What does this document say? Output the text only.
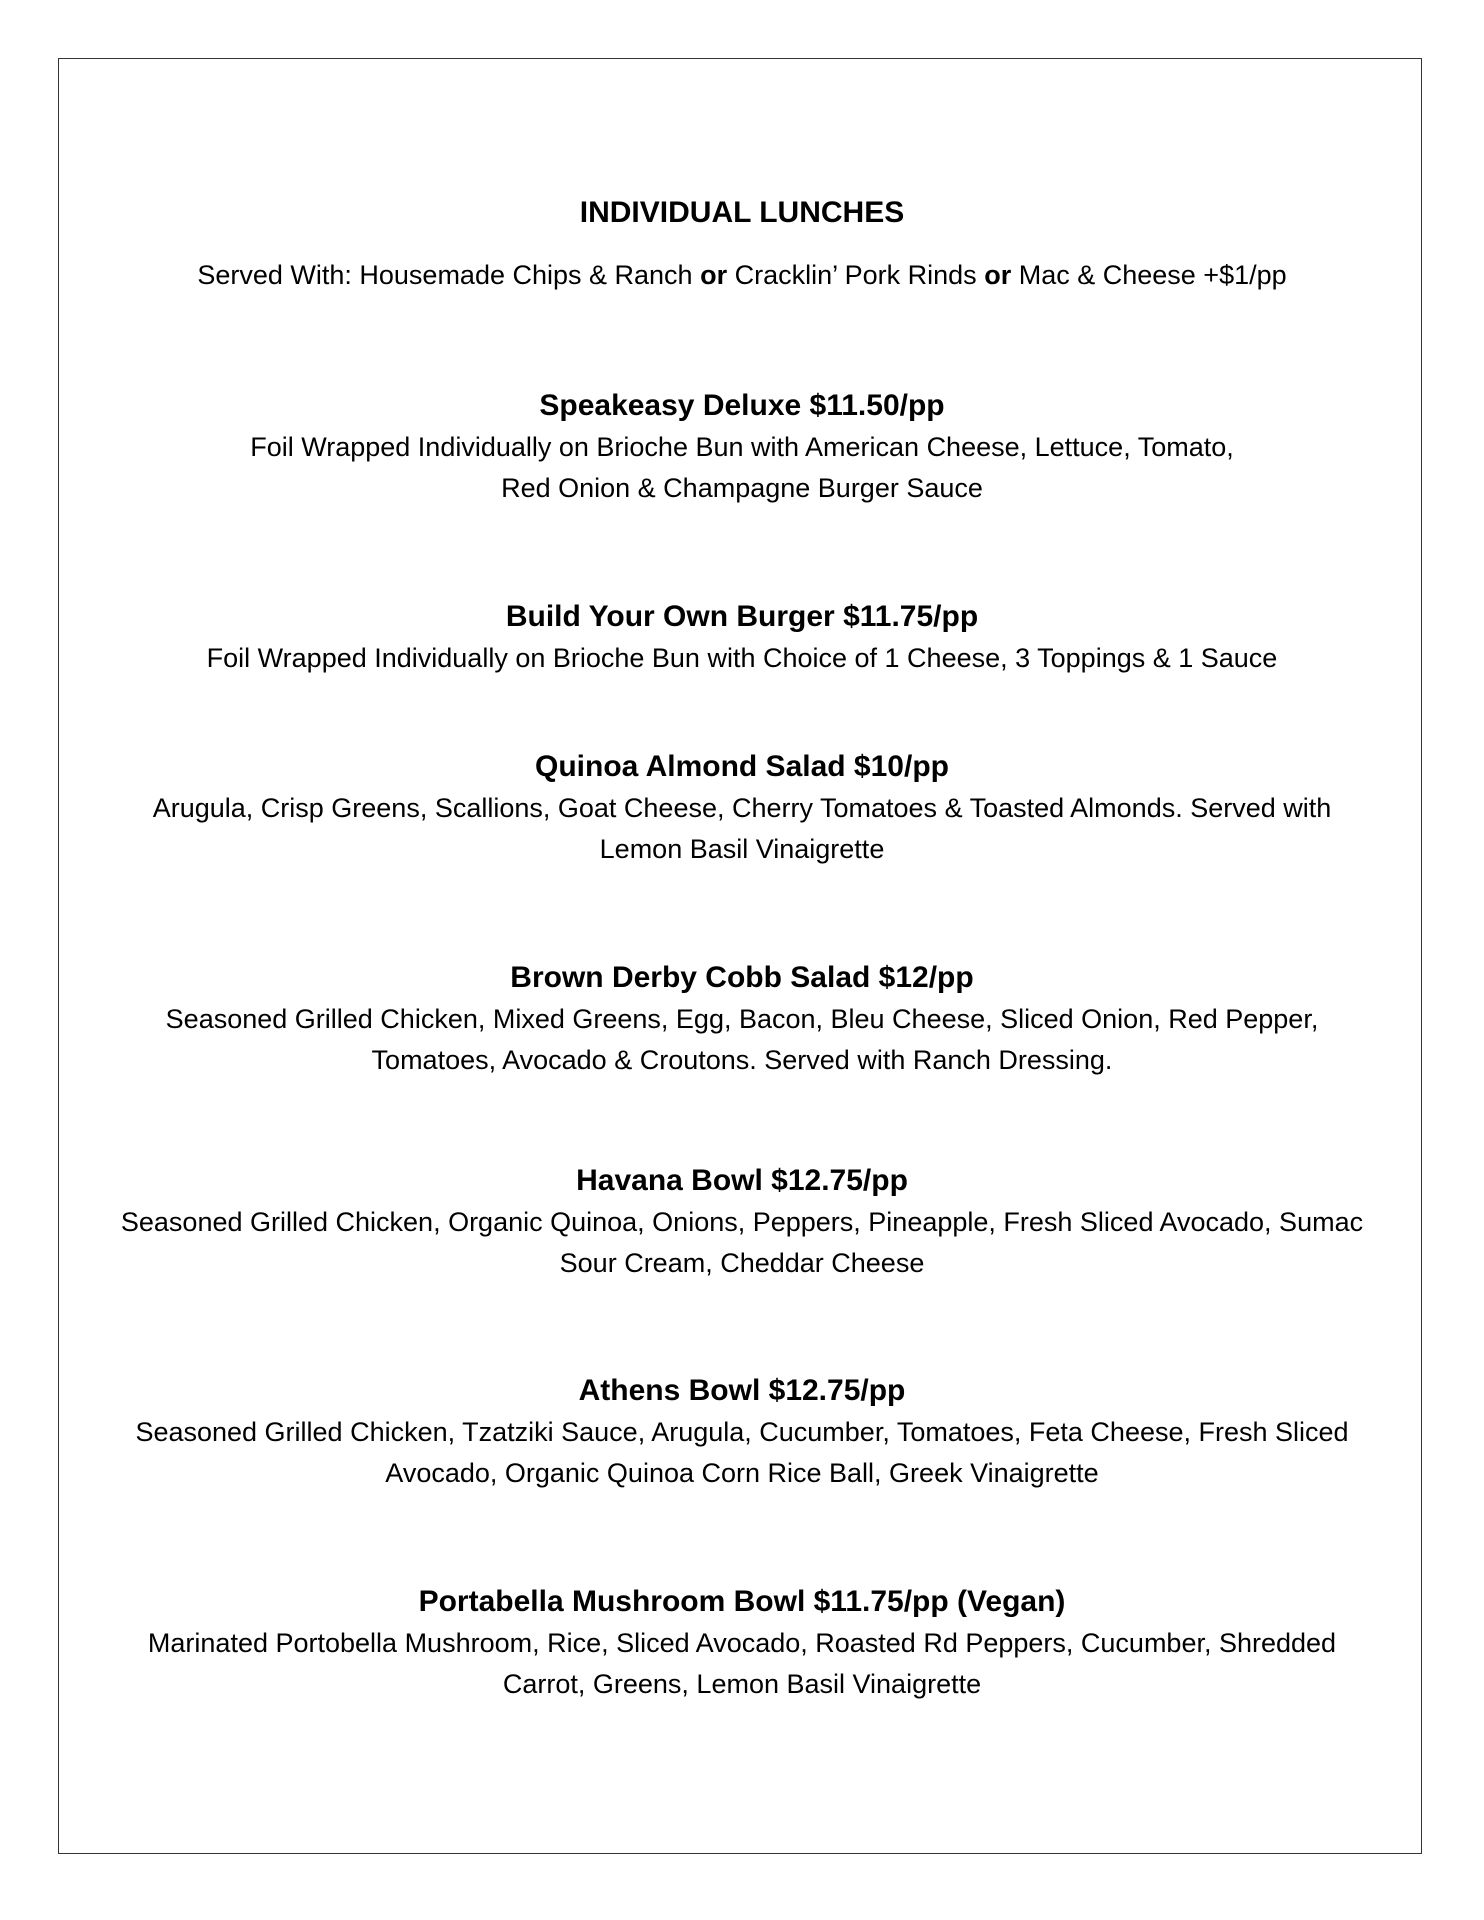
INDIVIDUAL LUNCHES
Served With: Housemade Chips & Ranch or Cracklin’ Pork Rinds or Mac & Cheese +$1/pp

Speakeasy Deluxe $11.50/pp

Foil Wrapped Individually on Brioche Bun with American Cheese, Lettuce, Tomato,
Red Onion & Champagne Burger Sauce

Build Your Own Burger $11.75/pp

Foil Wrapped Individually on Brioche Bun with Choice of 1 Cheese, 3 Toppings & 1 Sauce

Quinoa Almond Salad $10/pp

Arugula, Crisp Greens, Scallions, Goat Cheese, Cherry Tomatoes & Toasted Almonds. Served with
Lemon Basil Vinaigrette

Brown Derby Cobb Salad $12/pp

Seasoned Grilled Chicken, Mixed Greens, Egg, Bacon, Bleu Cheese, Sliced Onion, Red Pepper,
Tomatoes, Avocado & Croutons. Served with Ranch Dressing.

Havana Bowl $12.75/pp

Seasoned Grilled Chicken, Organic Quinoa, Onions, Peppers, Pineapple, Fresh Sliced Avocado, Sumac
Sour Cream, Cheddar Cheese

Athens Bowl $12.75/pp

Seasoned Grilled Chicken, Tzatziki Sauce, Arugula, Cucumber, Tomatoes, Feta Cheese, Fresh Sliced
Avocado, Organic Quinoa Corn Rice Ball, Greek Vinaigrette

Portabella Mushroom Bowl $11.75/pp (Vegan)

Marinated Portobella Mushroom, Rice, Sliced Avocado, Roasted Rd Peppers, Cucumber, Shredded
Carrot, Greens, Lemon Basil Vinaigrette
